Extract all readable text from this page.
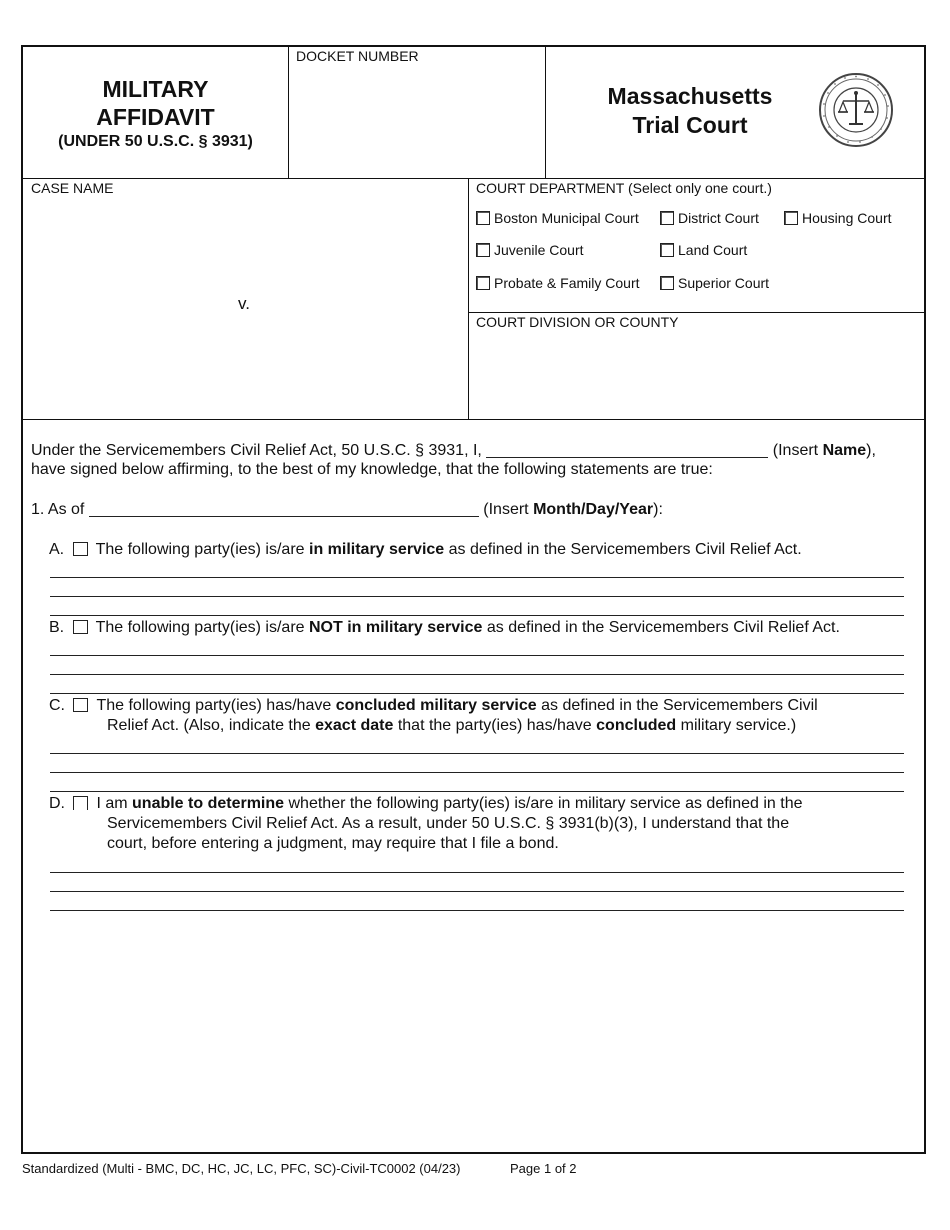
MILITARY
AFFIDAVIT
(UNDER 50 U.S.C. § 3931)
DOCKET NUMBER
Massachusetts
Trial Court
CASE NAME
v.
COURT DEPARTMENT (Select only one court.)
Boston Municipal Court	District Court	Housing Court
Juvenile Court	Land Court
Probate & Family Court	Superior Court
COURT DIVISION OR COUNTY
Under the Servicemembers Civil Relief Act, 50 U.S.C. § 3931, I,	(Insert Name),
have signed below affirming, to the best of my knowledge, that the following statements are true:
1. As of	(Insert Month/Day/Year):
A. The following party(ies) is/are in military service as defined in the Servicemembers Civil Relief Act.
B. The following party(ies) is/are NOT in military service as defined in the Servicemembers Civil Relief Act.
C. The following party(ies) has/have concluded military service as defined in the Servicemembers Civil
Relief Act. (Also, indicate the exact date that the party(ies) has/have concluded military service.)
D. I am unable to determine whether the following party(ies) is/are in military service as defined in the
Servicemembers Civil Relief Act. As a result, under 50 U.S.C. § 3931(b)(3), I understand that the
court, before entering a judgment, may require that I file a bond.
Standardized (Multi - BMC, DC, HC, JC, LC, PFC, SC)-Civil-TC0002 (04/23)	Page 1 of 2
